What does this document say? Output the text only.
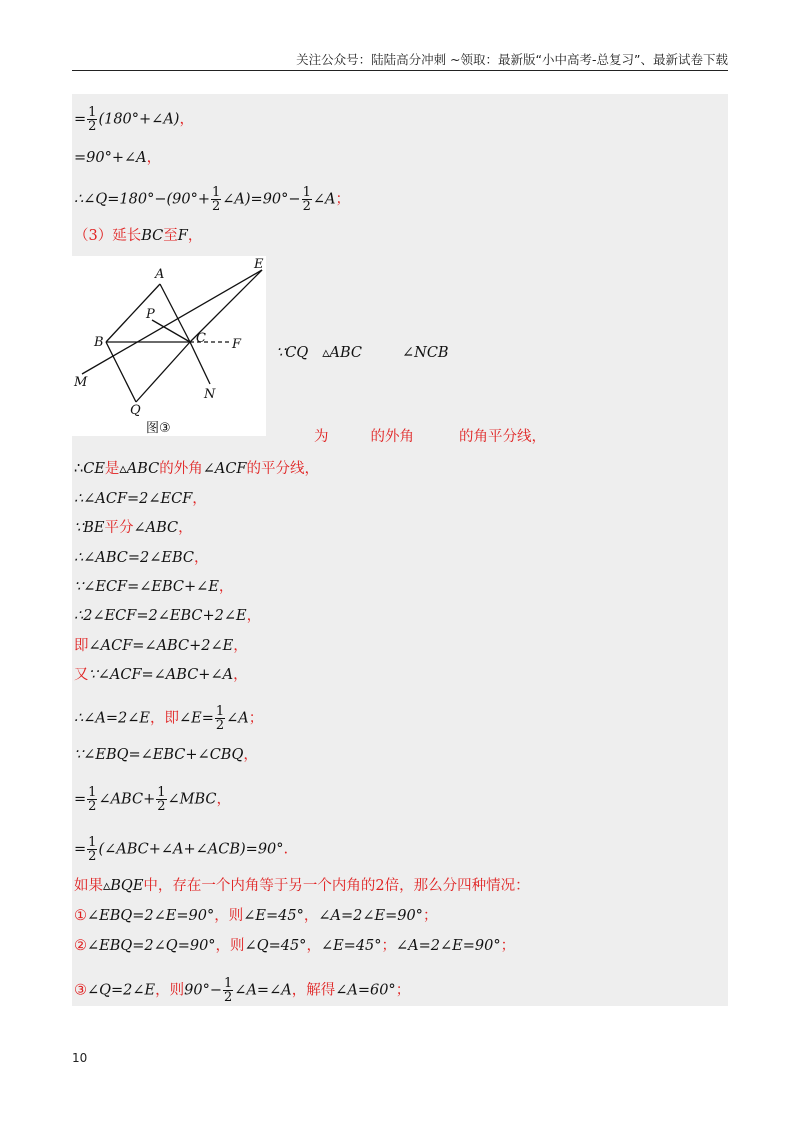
关注公众号：陆陆高分冲刺 ~领取：最新版“小中高考-总复习”、最新试卷下载
= $\frac{1}{2}$ (180°+∠A)，
=90°+∠A，
∴∠Q=180°−(90°+ $\frac{1}{2}$ ∠A)=90°− $\frac{1}{2}$ ∠A；
（3）延长BC至F，
A
E
P
B	C F
M
N
Q
图③
∵CQ ▵ABC	∠NCB
为	的外角	的角平分线，
∴CE是▵ABC的外角∠ACF的平分线，
∴∠ACF=2∠ECF，
∵BE平分∠ABC，
∴∠ABC=2∠EBC，
∵∠ECF=∠EBC+∠E，
∴2∠ECF=2∠EBC+2∠E，
即∠ACF=∠ABC+2∠E，
又∵∠ACF=∠ABC+∠A，
∴∠A=2∠E，即∠E= $\frac{1}{2}$ ∠A；
∵∠EBQ=∠EBC+∠CBQ，
= $\frac{1}{2}$ ∠ABC+ $\frac{1}{2}$ ∠MBC，
= $\frac{1}{2}$ (∠ABC+∠A+∠ACB)=90°.
如果▵BQE中，存在一个内角等于另一个内角的2倍，那么分四种情况：
①∠EBQ=2∠E=90°，则∠E=45°，∠A=2∠E=90°；
②∠EBQ=2∠Q=90°，则∠Q=45°，∠E=45°；∠A=2∠E=90°；
③∠Q=2∠E，则$90^\circ- \frac{1}{2}$ ∠A=∠A，解得∠A=60°；
10
